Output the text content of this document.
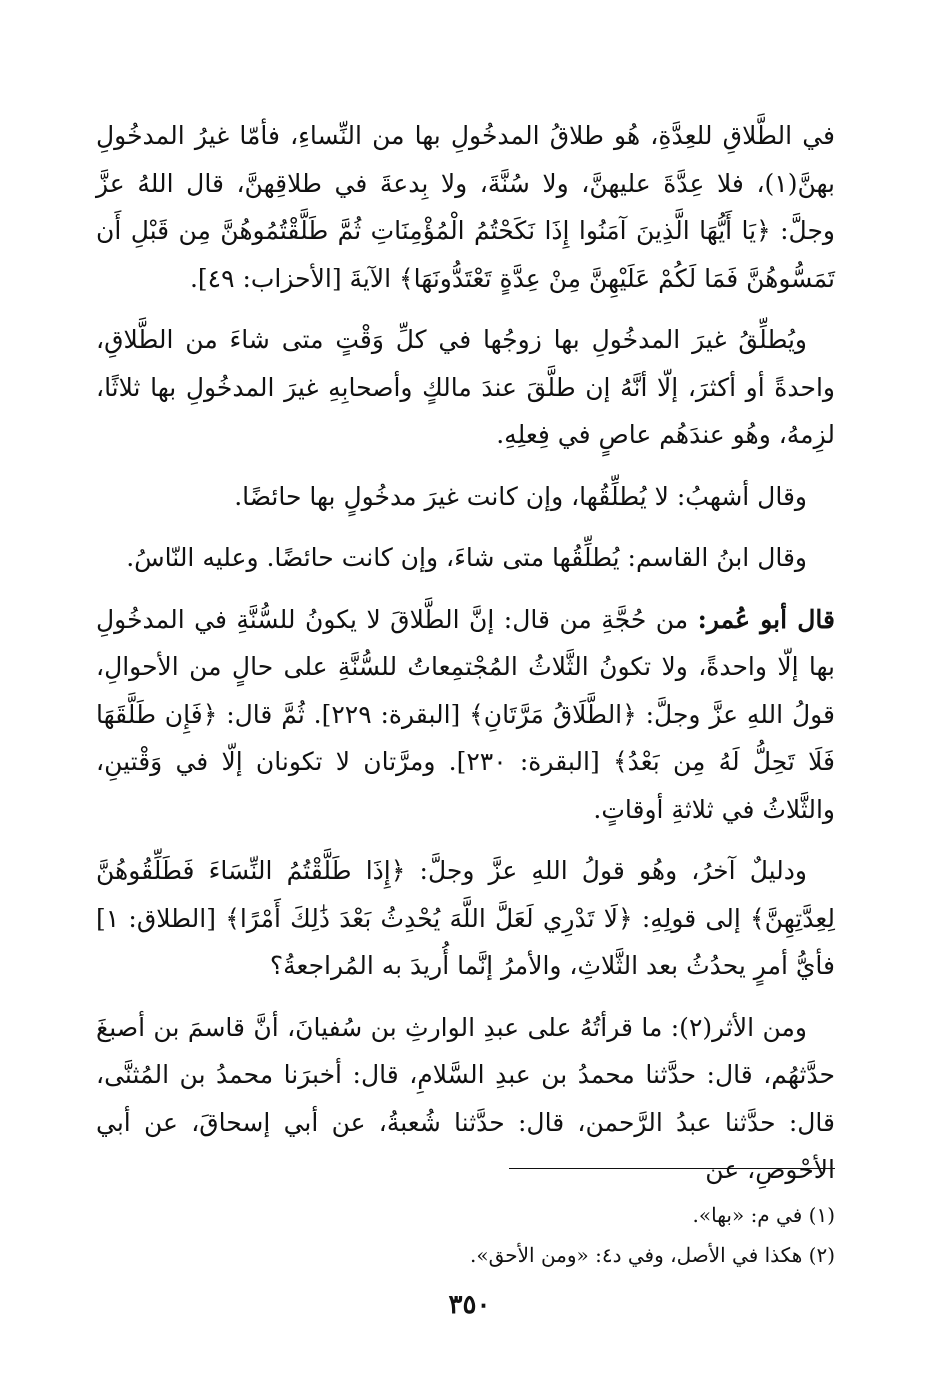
في الطَّلاقِ للعِدَّةِ، هُو طلاقُ المدخُولِ بها من النِّساءِ، فأمّا غيرُ المدخُولِ بهنَّ(١)، فلا عِدَّةَ عليهنَّ، ولا سُنَّةَ، ولا بِدعةَ في طلاقِهنَّ، قال اللهُ عزَّ وجلَّ: ﴿يَا أَيُّهَا الَّذِينَ آمَنُوا إِذَا نَكَحْتُمُ الْمُؤْمِنَاتِ ثُمَّ طَلَّقْتُمُوهُنَّ مِن قَبْلِ أَن تَمَسُّوهُنَّ فَمَا لَكُمْ عَلَيْهِنَّ مِنْ عِدَّةٍ تَعْتَدُّونَهَا﴾ الآيةَ [الأحزاب: ٤٩].

ويُطلِّقُ غيرَ المدخُولِ بها زوجُها في كلِّ وَقْتٍ متى شاءَ من الطَّلاقِ، واحدةً أو أكثرَ، إلّا أنَّهُ إن طلَّقَ عندَ مالكٍ وأصحابِهِ غيرَ المدخُولِ بها ثلاثًا، لزِمهُ، وهُو عندَهُم عاصٍ في فِعلِهِ.

وقال أشهبُ: لا يُطلِّقُها، وإن كانت غيرَ مدخُولٍ بها حائضًا.

وقال ابنُ القاسم: يُطلِّقُها متى شاءَ، وإن كانت حائضًا. وعليه النّاسُ.

قال أبو عُمر: من حُجَّةِ من قال: إنَّ الطَّلاقَ لا يكونُ للسُّنَّةِ في المدخُولِ بها إلّا واحدةً، ولا تكونُ الثَّلاثُ المُجْتمِعاتُ للسُّنَّةِ على حالٍ من الأحوالِ، قولُ اللهِ عزَّ وجلَّ: ﴿الطَّلَاقُ مَرَّتَانِ﴾ [البقرة: ٢٢٩]. ثُمَّ قال: ﴿فَإِن طَلَّقَهَا فَلَا تَحِلُّ لَهُ مِن بَعْدُ﴾ [البقرة: ٢٣٠]. ومرَّتان لا تكونان إلّا في وَقْتينِ، والثَّلاثُ في ثلاثةِ أوقاتٍ.

ودليلٌ آخرُ، وهُو قولُ اللهِ عزَّ وجلَّ: ﴿إِذَا طَلَّقْتُمُ النِّسَاءَ فَطَلِّقُوهُنَّ لِعِدَّتِهِنَّ﴾ إلى قولِهِ: ﴿لَا تَدْرِي لَعَلَّ اللَّهَ يُحْدِثُ بَعْدَ ذَٰلِكَ أَمْرًا﴾ [الطلاق: ١] فأيُّ أمرٍ يحدُثُ بعد الثَّلاثِ، والأمرُ إنَّما أُريدَ به المُراجعةُ؟

ومن الأثر(٢): ما قرأتُهُ على عبدِ الوارثِ بن سُفيانَ، أنَّ قاسمَ بن أصبغَ حدَّثهُم، قال: حدَّثنا محمدُ بن عبدِ السَّلامِ، قال: أخبرَنا محمدُ بن المُثنَّى، قال: حدَّثنا عبدُ الرَّحمن، قال: حدَّثنا شُعبةُ، عن أبي إسحاقَ، عن أبي الأحْوصِ، عن

(١) في م: «بها».

(٢) هكذا في الأصل، وفي د٤: «ومن الأحق».

٣٥٠
